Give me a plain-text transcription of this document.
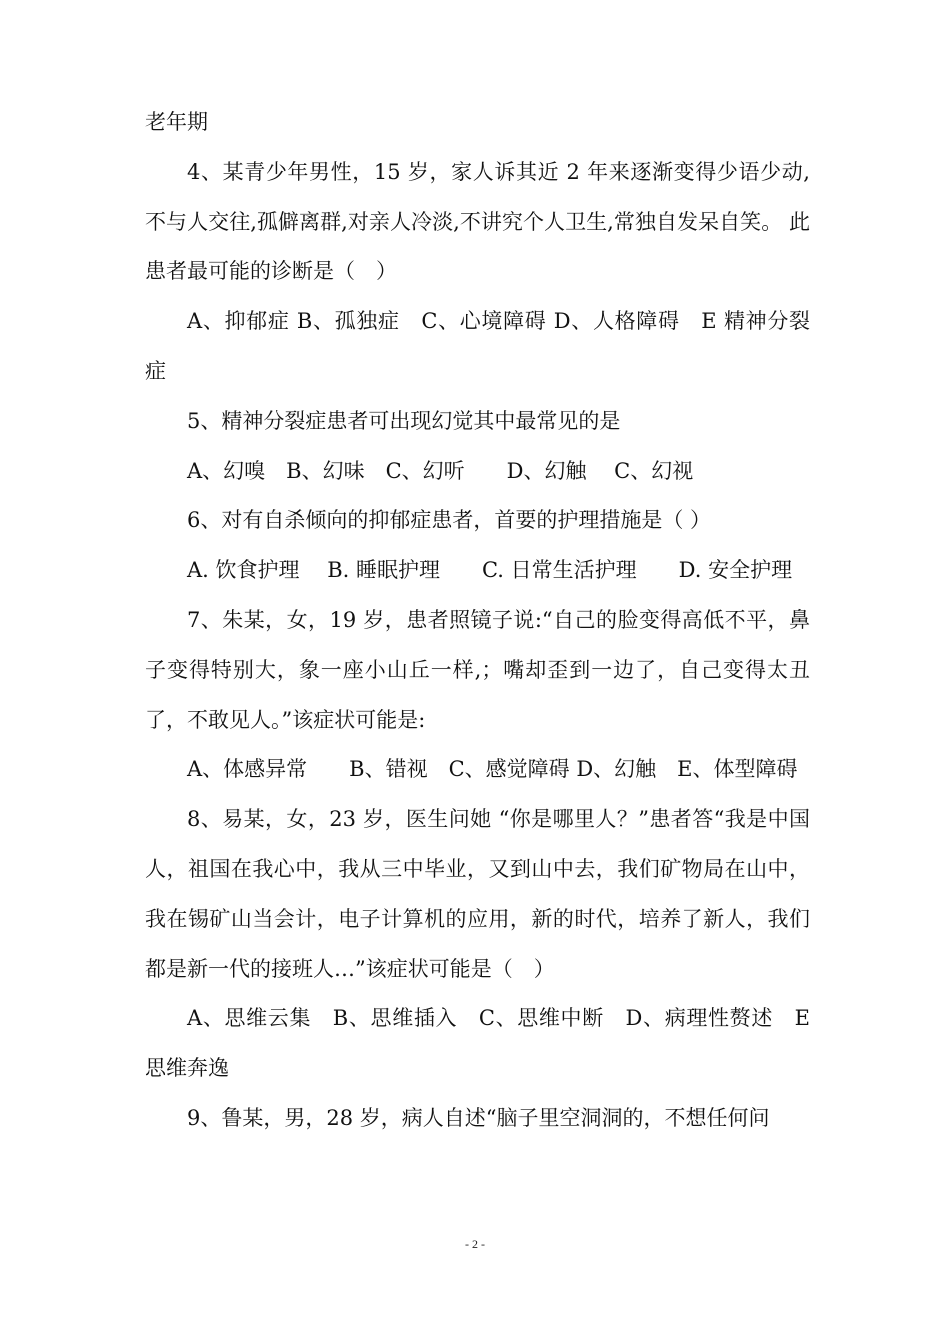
老年期

4、某青少年男性，15 岁，家人诉其近 2 年来逐渐变得少语少动,不与人交往,孤僻离群,对亲人冷淡,不讲究个人卫生,常独自发呆自笑。 此患者最可能的诊断是（　）

A、抑郁症 B、孤独症　C、心境障碍 D、人格障碍　E 精神分裂症

5、精神分裂症患者可出现幻觉其中最常见的是

A、幻嗅　B、幻味　C、幻听　　D、幻触　 C、幻视

6、对有自杀倾向的抑郁症患者，首要的护理措施是（ ）

A. 饮食护理　 B. 睡眠护理　　C. 日常生活护理　　D. 安全护理

7、朱某，女，19 岁，患者照镜子说:“自己的脸变得高低不平，鼻子变得特别大，象一座小山丘一样,；嘴却歪到一边了，自己变得太丑了，不敢见人。”该症状可能是:

A、体感异常　　B、错视　C、感觉障碍 D、幻触　E、体型障碍

8、易某，女，23 岁，医生问她 “你是哪里人？”患者答“我是中国人，祖国在我心中，我从三中毕业，又到山中去，我们矿物局在山中，我在锡矿山当会计，电子计算机的应用，新的时代，培养了新人，我们都是新一代的接班人…”该症状可能是（　）

A、思维云集　B、思维插入　C、思维中断　D、病理性赘述　E 思维奔逸

9、鲁某，男，28 岁，病人自述“脑子里空洞洞的，不想任何问

- 2 -
